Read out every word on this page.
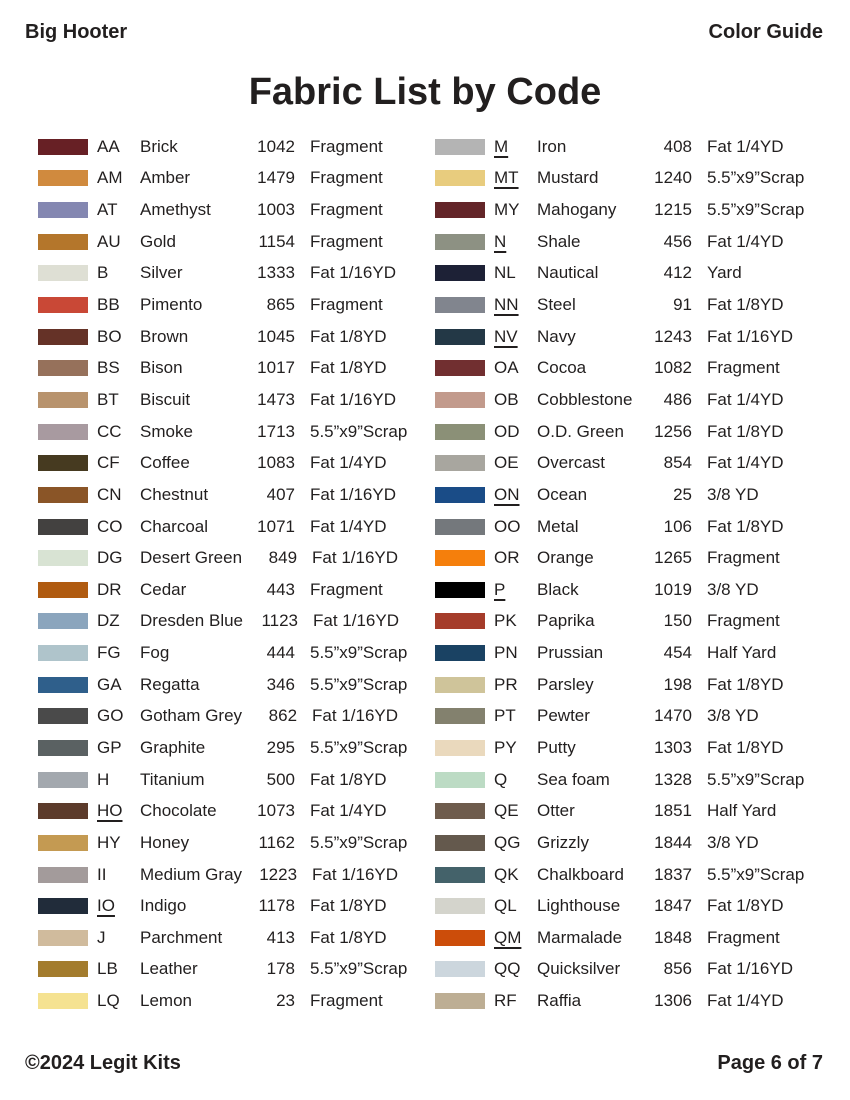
Big Hooter	Color Guide
Fabric List by Code
AA	Brick	1042 Fragment
AM	Amber	1479 Fragment
AT	Amethyst	1003 Fragment
AU	Gold	1154 Fragment
B	Silver	1333 Fat 1/16YD
BB	Pimento	865 Fragment
BO	Brown	1045 Fat 1/8YD
BS	Bison	1017 Fat 1/8YD
BT	Biscuit	1473 Fat 1/16YD
CC	Smoke	1713 5.5”x9”Scrap
CF	Coffee	1083 Fat 1/4YD
CN	Chestnut	407 Fat 1/16YD
CO	Charcoal	1071 Fat 1/4YD
DG	Desert Green	849 Fat 1/16YD
DR	Cedar	443 Fragment
DZ	Dresden Blue	1123 Fat 1/16YD
FG	Fog	444 5.5”x9”Scrap
GA	Regatta	346 5.5”x9”Scrap
GO Gotham Grey	862 Fat 1/16YD
GP	Graphite	295 5.5”x9”Scrap
H	Titanium	500 Fat 1/8YD
HO	Chocolate	1073 Fat 1/4YD
HY	Honey	1162 5.5”x9”Scrap
II	Medium Gray	1223 Fat 1/16YD
IO	Indigo	1178 Fat 1/8YD
J	Parchment	413 Fat 1/8YD
LB	Leather	178 5.5”x9”Scrap
LQ	Lemon	23 Fragment
M	Iron	408 Fat 1/4YD
MT	Mustard	1240 5.5”x9”Scrap
MY	Mahogany	1215 5.5”x9”Scrap
N	Shale	456 Fat 1/4YD
NL	Nautical	412 Yard
NN	Steel	91 Fat 1/8YD
NV	Navy	1243 Fat 1/16YD
OA	Cocoa	1082 Fragment
OB	Cobblestone	486 Fat 1/4YD
OD	O.D. Green	1256 Fat 1/8YD
OE	Overcast	854 Fat 1/4YD
ON	Ocean	25 3/8 YD
OO Metal	106 Fat 1/8YD
OR	Orange	1265 Fragment
P	Black	1019 3/8 YD
PK	Paprika	150 Fragment
PN	Prussian	454 Half Yard
PR	Parsley	198 Fat 1/8YD
PT	Pewter	1470 3/8 YD
PY	Putty	1303 Fat 1/8YD
Q	Sea foam	1328 5.5”x9”Scrap
QE	Otter	1851 Half Yard
QG Grizzly	1844 3/8 YD
QK	Chalkboard	1837 5.5”x9”Scrap
QL	Lighthouse	1847 Fat 1/8YD
QM Marmalade	1848 Fragment
QQ Quicksilver	856 Fat 1/16YD
RF	Raffia	1306 Fat 1/4YD
©2024 Legit Kits	Page 6 of 7
